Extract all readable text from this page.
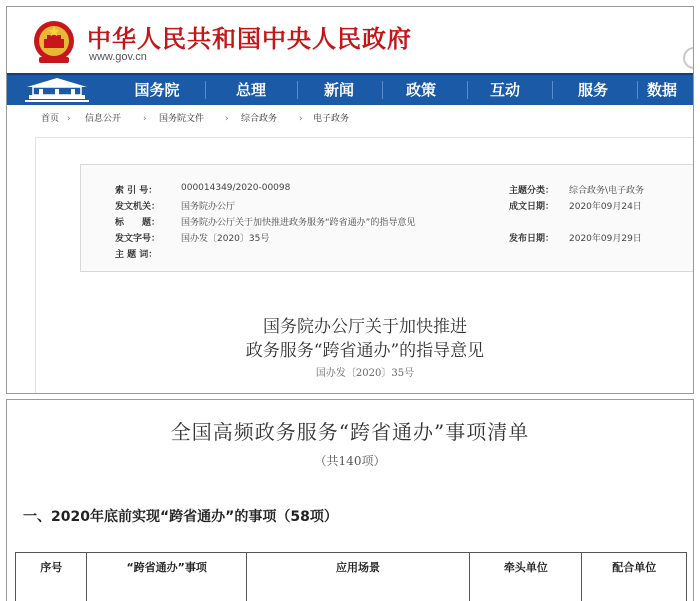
中华人民共和国中央人民政府
www.gov.cn
国务院	总理	新闻	政策	互动	服务	数据
首页 › 信息公开 › 国务院文件 › 综合政务 › 电子政务
索 引 号：	000014349/2020-00098	主题分类： 综合政务\电子政务
发文机关： 国务院办公厅	成文日期： 2020年09月24日
标　　题： 国务院办公厅关于加快推进政务服务“跨省通办”的指导意见
发文字号： 国办发〔2020〕35号	发布日期： 2020年09月29日
主 题 词：
国务院办公厅关于加快推进
政务服务“跨省通办”的指导意见
国办发〔2020〕35号
全国高频政务服务“跨省通办”事项清单
（共140项）
一、2020年底前实现“跨省通办”的事项（58项）
序号	“跨省通办”事项	应用场景	牵头单位	配合单位
